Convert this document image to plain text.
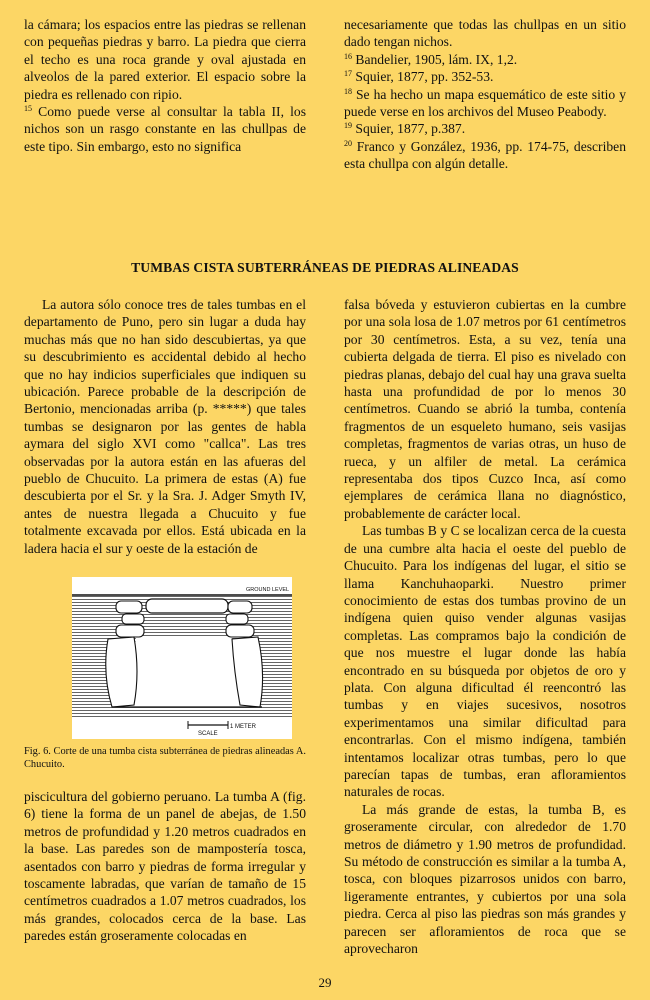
la cámara; los espacios entre las piedras se rellenan con pequeñas piedras y barro. La piedra que cierra el techo es una roca grande y oval ajustada en alveolos de la pared exterior. El espacio sobre la piedra es rellenado con ripio.

$^{15}$ Como puede verse al consultar la tabla II, los nichos son un rasgo constante en las chullpas de este tipo. Sin embargo, esto no significa

necesariamente que todas las chullpas en un sitio dado tengan nichos.

$^{16}$ Bandelier, 1905, lám. IX, 1,2.

$^{17}$ Squier, 1877, pp. 352-53.

$^{18}$ Se ha hecho un mapa esquemático de este sitio y puede verse en los archivos del Museo Peabody.

$^{19}$ Squier, 1877, p.387.

$^{20}$ Franco y González, 1936, pp. 174-75, describen esta chullpa con algún detalle.

TUMBAS CISTA SUBTERRÁNEAS DE PIEDRAS ALINEADAS

La autora sólo conoce tres de tales tumbas en el departamento de Puno, pero sin lugar a duda hay muchas más que no han sido descubiertas, ya que su descubrimiento es accidental debido al hecho que no hay indicios superficiales que indiquen su ubicación. Parece probable de la descripción de Bertonio, mencionadas arriba (p. *****) que tales tumbas se designaron por las gentes de habla aymara del siglo XVI como "callca". Las tres observadas por la autora están en las afueras del pueblo de Chucuito. La primera de estas (A) fue descubierta por el Sr. y la Sra. J. Adger Smyth IV, antes de nuestra llegada a Chucuito y fue totalmente excavada por ellos. Está ubicada en la ladera hacia el sur y oeste de la estación de

GROUND LEVEL
SCALE
1 METER
Fig. 6. Corte de una tumba cista subterránea de piedras alineadas A. Chucuito.

piscicultura del gobierno peruano. La tumba A (fig. 6) tiene la forma de un panel de abejas, de 1.50 metros de profundidad y 1.20 metros cuadrados en la base. Las paredes son de mampostería tosca, asentados con barro y piedras de forma irregular y toscamente labradas, que varían de tamaño de 15 centímetros cuadrados a 1.07 metros cuadrados, los más grandes, colocados cerca de la base. Las paredes están groseramente colocadas en

falsa bóveda y estuvieron cubiertas en la cumbre por una sola losa de 1.07 metros por 61 centímetros por 30 centímetros. Esta, a su vez, tenía una cubierta delgada de tierra. El piso es nivelado con piedras planas, debajo del cual hay una grava suelta hasta una profundidad de por lo menos 30 centímetros. Cuando se abrió la tumba, contenía fragmentos de un esqueleto humano, seis vasijas completas, fragmentos de varias otras, un huso de rueca, y un alfiler de metal. La cerámica representaba dos tipos Cuzco Inca, así como ejemplares de cerámica llana no diagnóstico, probablemente de carácter local.

Las tumbas B y C se localizan cerca de la cuesta de una cumbre alta hacia el oeste del pueblo de Chucuito. Para los indígenas del lugar, el sitio se llama Kanchuhaoparki. Nuestro primer conocimiento de estas dos tumbas provino de un indígena quien quiso vender algunas vasijas completas. Las compramos bajo la condición de que nos muestre el lugar donde las había encontrado en su búsqueda por objetos de oro y plata. Con alguna dificultad él reencontró las tumbas y en viajes sucesivos, nosotros experimentamos una similar dificultad para encontrarlas. Con el mismo indígena, también intentamos localizar otras tumbas, pero lo que parecían tapas de tumbas, eran afloramientos naturales de rocas.

La más grande de estas, la tumba B, es groseramente circular, con alrededor de 1.70 metros de diámetro y 1.90 metros de profundidad. Su método de construcción es similar a la tumba A, tosca, con bloques pizarrosos unidos con barro, ligeramente entrantes, y cubiertos por una sola piedra. Cerca al piso las piedras son más grandes y parecen ser afloramientos de roca que se aprovecharon

29
